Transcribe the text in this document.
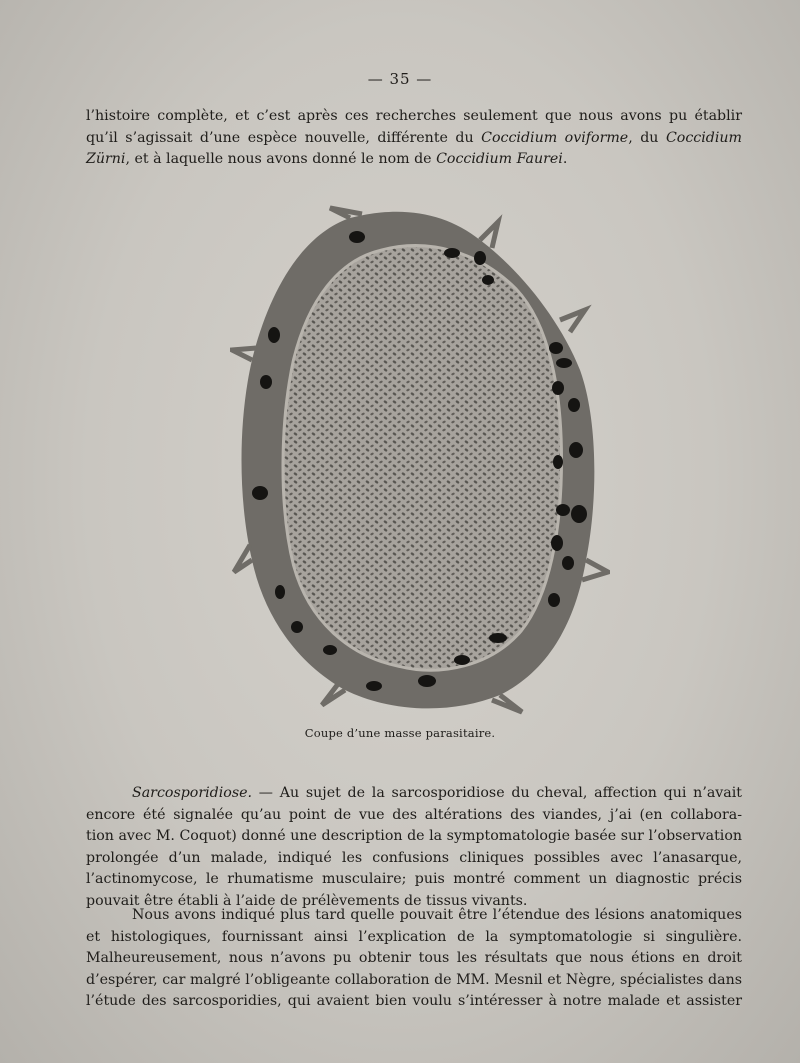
— 35 —

l’histoire complète, et c’est après ces recherches seulement que nous avons pu établir
qu’il s’agissait d’une espèce nouvelle, différente du Coccidium oviforme, du Coccidium
Zürni, et à laquelle nous avons donné le nom de Coccidium Faurei.

Coupe d’une masse parasitaire.

Sarcosporidiose. — Au sujet de la sarcosporidiose du cheval, affection qui n’avait
encore été signalée qu’au point de vue des altérations des viandes, j’ai (en collabora-
tion avec M. Coquot) donné une description de la symptomatologie basée sur l’observation
prolongée d’un malade, indiqué les confusions cliniques possibles avec l’anasarque,
l’actinomycose, le rhumatisme musculaire; puis montré comment un diagnostic précis
pouvait être établi à l’aide de prélèvements de tissus vivants.

Nous avons indiqué plus tard quelle pouvait être l’étendue des lésions anatomiques
et histologiques, fournissant ainsi l’explication de la symptomatologie si singulière.
Malheureusement, nous n’avons pu obtenir tous les résultats que nous étions en droit
d’espérer, car malgré l’obligeante collaboration de MM. Mesnil et Nègre, spécialistes dans
l’étude des sarcosporidies, qui avaient bien voulu s’intéresser à notre malade et assister
